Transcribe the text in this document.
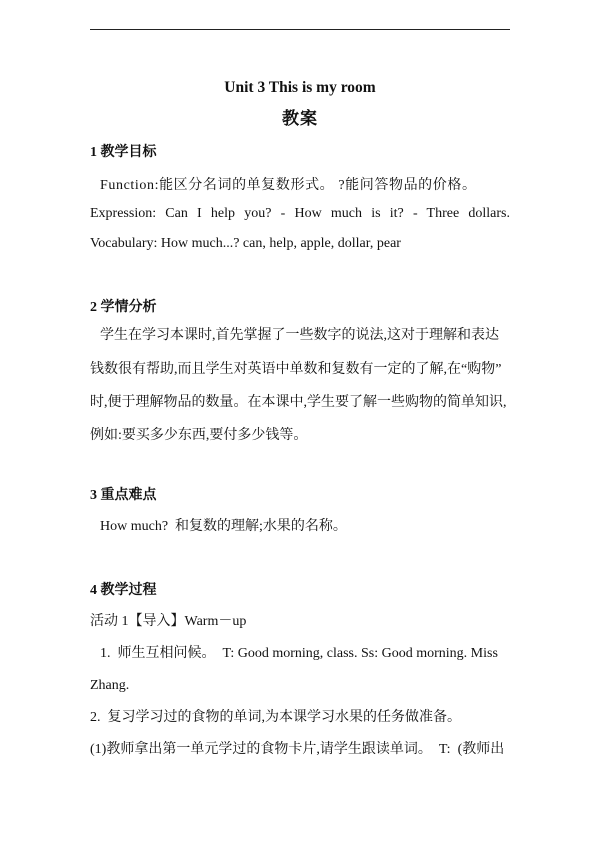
Unit 3 This is my room
教案
1 教学目标
Function:能区分名词的单复数形式。 ?能问答物品的价格。
Expression:  Can  I  help  you?  -  How  much  is  it?  -  Three  dollars.
Vocabulary: How much...? can, help, apple, dollar, pear
2 学情分析
学生在学习本课时,首先掌握了一些数字的说法,这对于理解和表达
钱数很有帮助,而且学生对英语中单数和复数有一定的了解,在“购物”
时,便于理解物品的数量。在本课中,学生要了解一些购物的简单知识,
例如:要买多少东西,要付多少钱等。
3 重点难点
How much?  和复数的理解;水果的名称。
4 教学过程
活动 1【导入】Warm－up
1.  师生互相问候。  T: Good morning, class. Ss: Good morning. Miss
Zhang.
2.  复习学习过的食物的单词,为本课学习水果的任务做准备。
(1)教师拿出第一单元学过的食物卡片,请学生跟读单词。  T:  (教师出
